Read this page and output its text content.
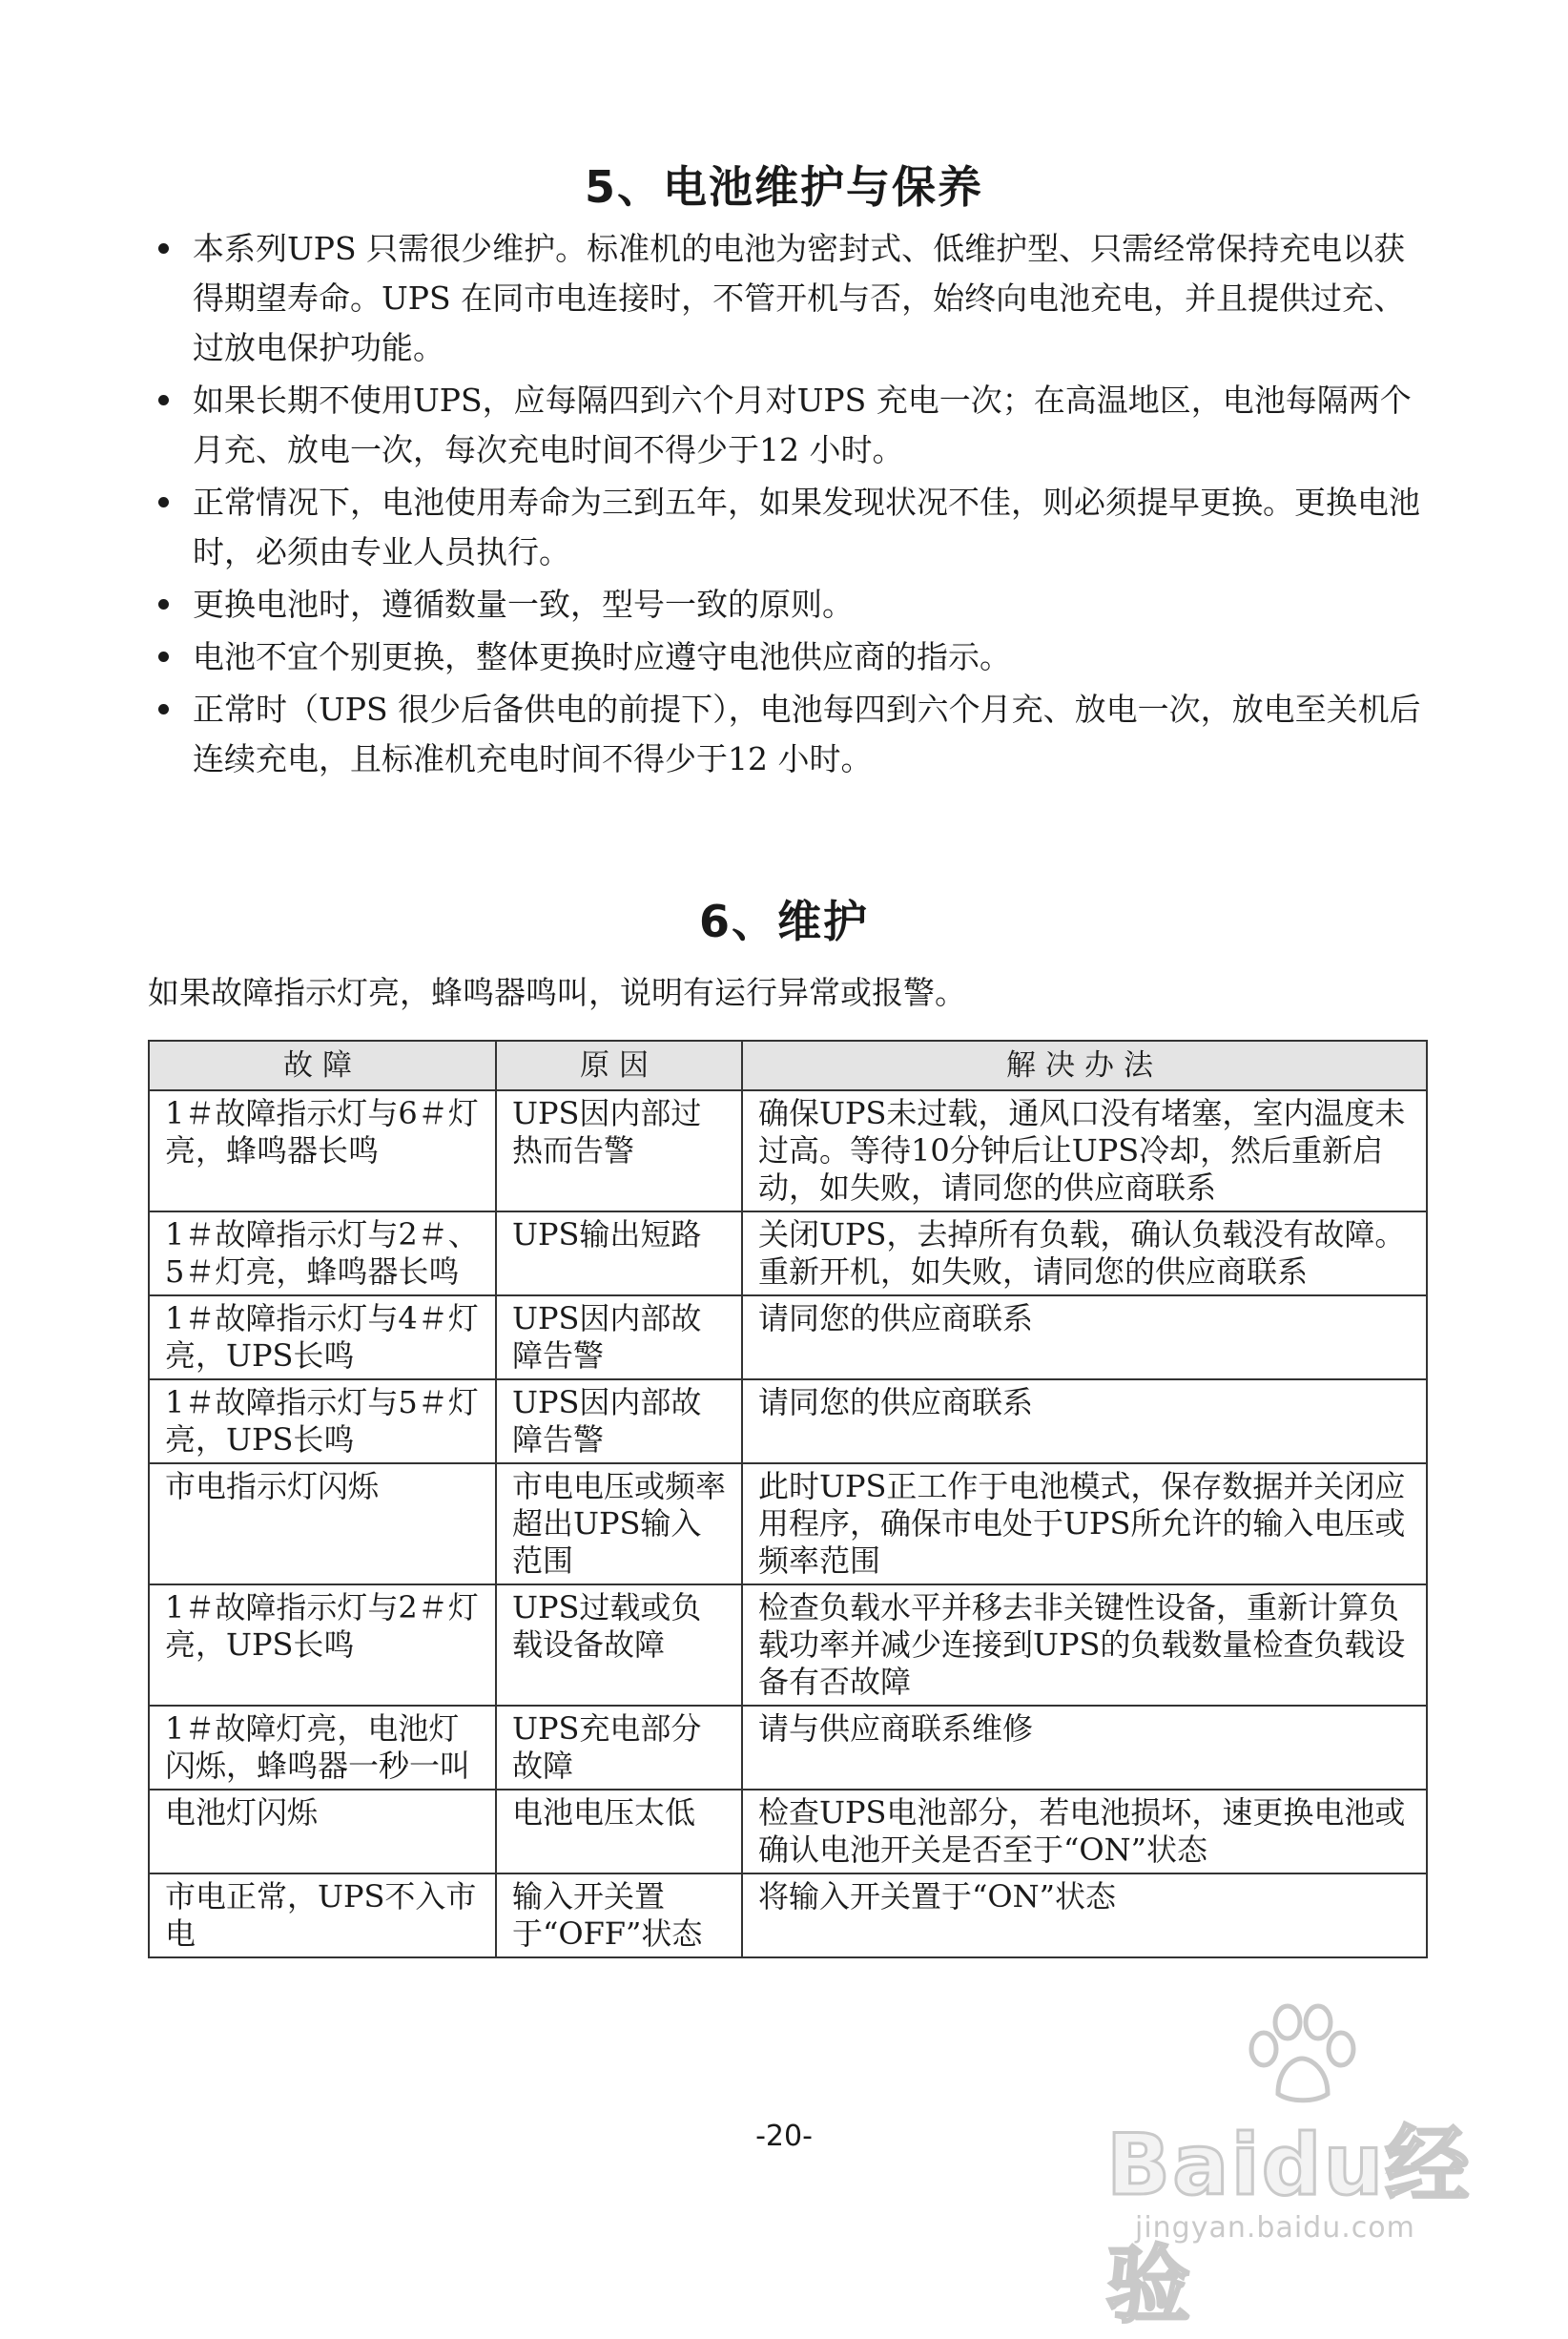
5、电池维护与保养
本系列UPS 只需很少维护。标准机的电池为密封式、低维护型、只需经常保持充电以获得期望寿命。UPS 在同市电连接时，不管开机与否，始终向电池充电，并且提供过充、过放电保护功能。
如果长期不使用UPS，应每隔四到六个月对UPS 充电一次；在高温地区，电池每隔两个月充、放电一次，每次充电时间不得少于12 小时。
正常情况下，电池使用寿命为三到五年，如果发现状况不佳，则必须提早更换。更换电池时，必须由专业人员执行。
更换电池时，遵循数量一致，型号一致的原则。
电池不宜个别更换，整体更换时应遵守电池供应商的指示。
正常时（UPS 很少后备供电的前提下），电池每四到六个月充、放电一次，放电至关机后连续充电，且标准机充电时间不得少于12 小时。
6、维护
如果故障指示灯亮，蜂鸣器鸣叫，说明有运行异常或报警。
故障	原因	解决办法
1＃故障指示灯与6＃灯亮，蜂鸣器长鸣	UPS因内部过热而告警	确保UPS未过载，通风口没有堵塞，室内温度未过高。等待10分钟后让UPS冷却，然后重新启动，如失败，请同您的供应商联系
1＃故障指示灯与2＃、5＃灯亮，蜂鸣器长鸣	UPS输出短路	关闭UPS，去掉所有负载，确认负载没有故障。重新开机，如失败，请同您的供应商联系
1＃故障指示灯与4＃灯亮，UPS长鸣	UPS因内部故障告警	请同您的供应商联系
1＃故障指示灯与5＃灯亮，UPS长鸣	UPS因内部故障告警	请同您的供应商联系
市电指示灯闪烁	市电电压或频率超出UPS输入范围	此时UPS正工作于电池模式，保存数据并关闭应用程序，确保市电处于UPS所允许的输入电压或频率范围
1＃故障指示灯与2＃灯亮，UPS长鸣	UPS过载或负载设备故障	检查负载水平并移去非关键性设备，重新计算负载功率并减少连接到UPS的负载数量检查负载设备有否故障
1＃故障灯亮，电池灯闪烁，蜂鸣器一秒一叫	UPS充电部分故障	请与供应商联系维修
电池灯闪烁	电池电压太低	检查UPS电池部分，若电池损坏，速更换电池或确认电池开关是否至于“ON”状态
市电正常，UPS不入市电	输入开关置于“OFF”状态	将输入开关置于“ON”状态
-20-	Baidu经验
jingyan.baidu.com
